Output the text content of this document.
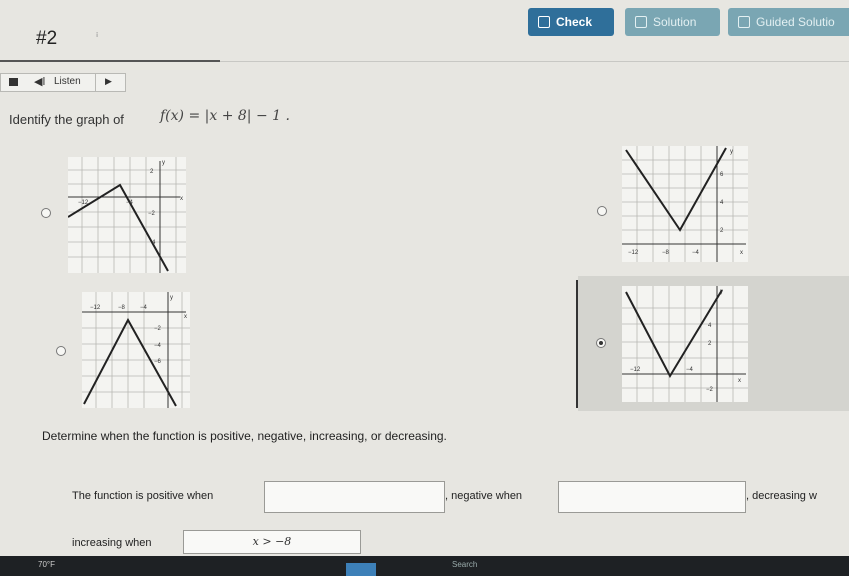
#2	ⁱ
Check	Solution	Guided Solutio
◀ǀ Listen	▶
Identify the graph of	f(x) = |x + 8| − 1 .
y
x
−12	−4
2
−2
4
y
x
−12	−8	−4
6
4
2
y
x
−12	−8	−4
−2
−4
−6
y
x
−12	−4
4
2
−2
Determine when the function is positive, negative, increasing, or decreasing.
The function is positive when	, negative when	, decreasing w
increasing when	x > −8
70°F	Search
